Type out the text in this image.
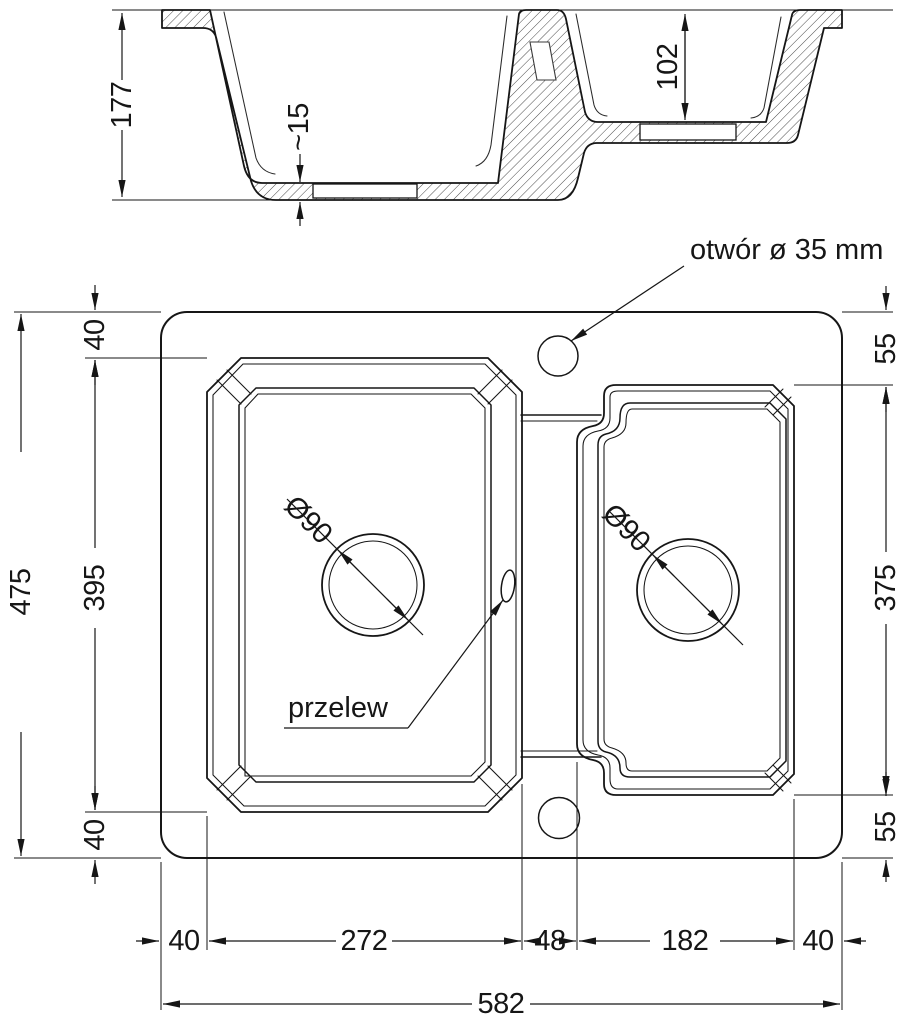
177	~15
102
Ø90	Ø90
otwór ø 35 mm
przelew
475
40
395
40
55
375
55
40	272	48	182	40
582
